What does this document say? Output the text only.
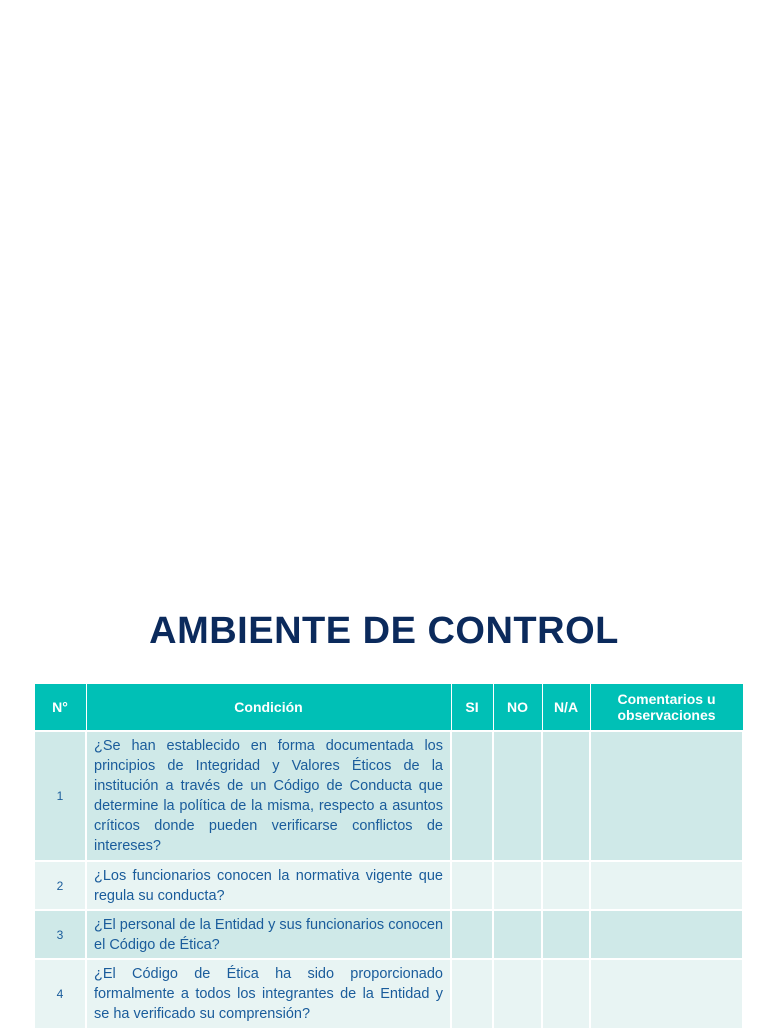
AMBIENTE DE CONTROL
N°	Condición	SI	NO	N/A	Comentarios u observaciones
1	¿Se han establecido en forma documentada los principios de Integridad y Valores Éticos de la institución a través de un Código de Conducta que determine la política de la misma, respecto a asuntos críticos donde pueden verificarse conflictos de intereses?				
2	¿Los funcionarios conocen la normativa vigente que regula su conducta?				
3	¿El personal de la Entidad y sus funcionarios conocen el Código de Ética?				
4	¿El Código de Ética ha sido proporcionado formalmente a todos los integrantes de la Entidad y se ha verificado su comprensión?				
